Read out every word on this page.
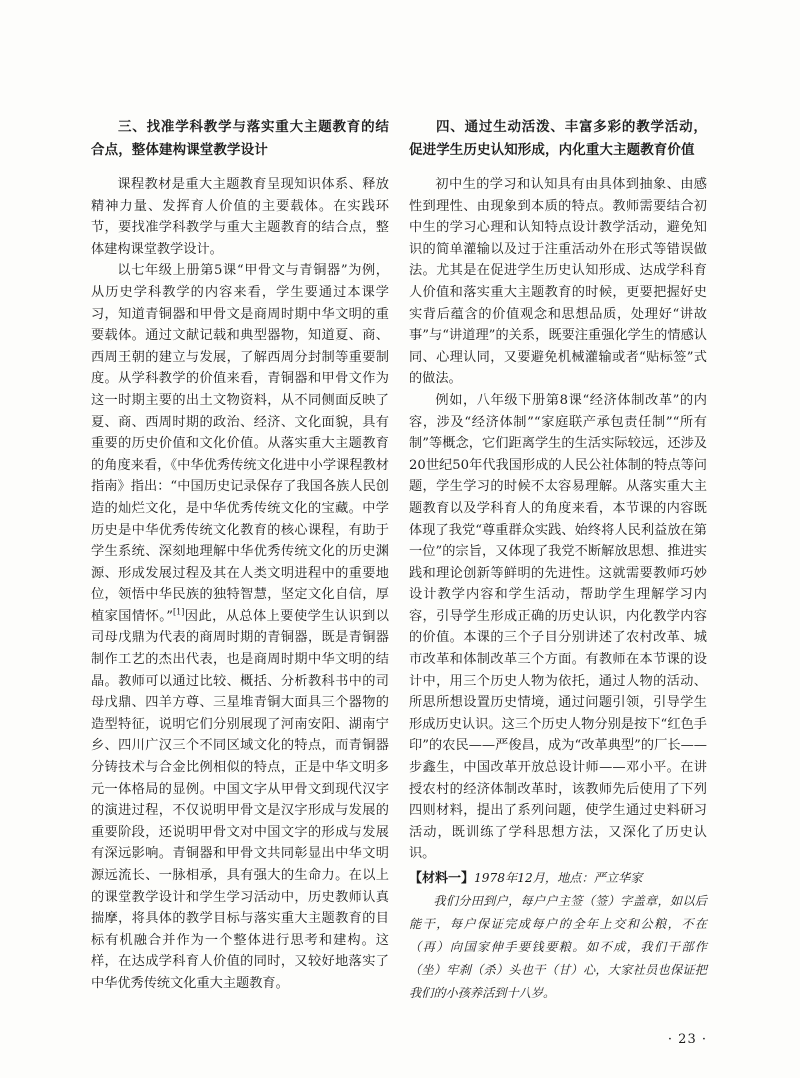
三、找准学科教学与落实重大主题教育的结合点，整体建构课堂教学设计

课程教材是重大主题教育呈现知识体系、释放精神力量、发挥育人价值的主要载体。在实践环节，要找准学科教学与重大主题教育的结合点，整体建构课堂教学设计。

以七年级上册第5课“甲骨文与青铜器”为例，从历史学科教学的内容来看，学生要通过本课学习，知道青铜器和甲骨文是商周时期中华文明的重要载体。通过文献记载和典型器物，知道夏、商、西周王朝的建立与发展，了解西周分封制等重要制度。从学科教学的价值来看，青铜器和甲骨文作为这一时期主要的出土文物资料，从不同侧面反映了夏、商、西周时期的政治、经济、文化面貌，具有重要的历史价值和文化价值。从落实重大主题教育的角度来看，《中华优秀传统文化进中小学课程教材指南》指出：“中国历史记录保存了我国各族人民创造的灿烂文化，是中华优秀传统文化的宝藏。中学历史是中华优秀传统文化教育的核心课程，有助于学生系统、深刻地理解中华优秀传统文化的历史渊源、形成发展过程及其在人类文明进程中的重要地位，领悟中华民族的独特智慧，坚定文化自信，厚植家国情怀。”[1]因此，从总体上要使学生认识到以司母戊鼎为代表的商周时期的青铜器，既是青铜器制作工艺的杰出代表，也是商周时期中华文明的结晶。教师可以通过比较、概括、分析教科书中的司母戊鼎、四羊方尊、三星堆青铜大面具三个器物的造型特征，说明它们分别展现了河南安阳、湖南宁乡、四川广汉三个不同区域文化的特点，而青铜器分铸技术与合金比例相似的特点，正是中华文明多元一体格局的显例。中国文字从甲骨文到现代汉字的演进过程，不仅说明甲骨文是汉字形成与发展的重要阶段，还说明甲骨文对中国文字的形成与发展有深远影响。青铜器和甲骨文共同彰显出中华文明源远流长、一脉相承，具有强大的生命力。在以上的课堂教学设计和学生学习活动中，历史教师认真揣摩，将具体的教学目标与落实重大主题教育的目标有机融合并作为一个整体进行思考和建构。这样，在达成学科育人价值的同时，又较好地落实了中华优秀传统文化重大主题教育。

四、通过生动活泼、丰富多彩的教学活动，促进学生历史认知形成，内化重大主题教育价值

初中生的学习和认知具有由具体到抽象、由感性到理性、由现象到本质的特点。教师需要结合初中生的学习心理和认知特点设计教学活动，避免知识的简单灌输以及过于注重活动外在形式等错误做法。尤其是在促进学生历史认知形成、达成学科育人价值和落实重大主题教育的时候，更要把握好史实背后蕴含的价值观念和思想品质，处理好“讲故事”与“讲道理”的关系，既要注重强化学生的情感认同、心理认同，又要避免机械灌输或者“贴标签”式的做法。

例如，八年级下册第8课“经济体制改革”的内容，涉及“经济体制”“家庭联产承包责任制”“所有制”等概念，它们距离学生的生活实际较远，还涉及20世纪50年代我国形成的人民公社体制的特点等问题，学生学习的时候不太容易理解。从落实重大主题教育以及学科育人的角度来看，本节课的内容既体现了我党“尊重群众实践、始终将人民利益放在第一位”的宗旨，又体现了我党不断解放思想、推进实践和理论创新等鲜明的先进性。这就需要教师巧妙设计教学内容和学生活动，帮助学生理解学习内容，引导学生形成正确的历史认识，内化教学内容的价值。本课的三个子目分别讲述了农村改革、城市改革和体制改革三个方面。有教师在本节课的设计中，用三个历史人物为依托，通过人物的活动、所思所想设置历史情境，通过问题引领，引导学生形成历史认识。这三个历史人物分别是按下“红色手印”的农民——严俊昌，成为“改革典型”的厂长——步鑫生，中国改革开放总设计师——邓小平。在讲授农村的经济体制改革时，该教师先后使用了下列四则材料，提出了系列问题，使学生通过史料研习活动，既训练了学科思想方法，又深化了历史认识。

【材料一】1978年12月，地点：严立华家
我们分田到户，每户户主签（签）字盖章，如以后能干，每户保证完成每户的全年上交和公粮，不在（再）向国家伸手要钱要粮。如不成，我们干部作（坐）牢刹（杀）头也干（甘）心，大家社员也保证把我们的小孩养活到十八岁。
· 23 ·
